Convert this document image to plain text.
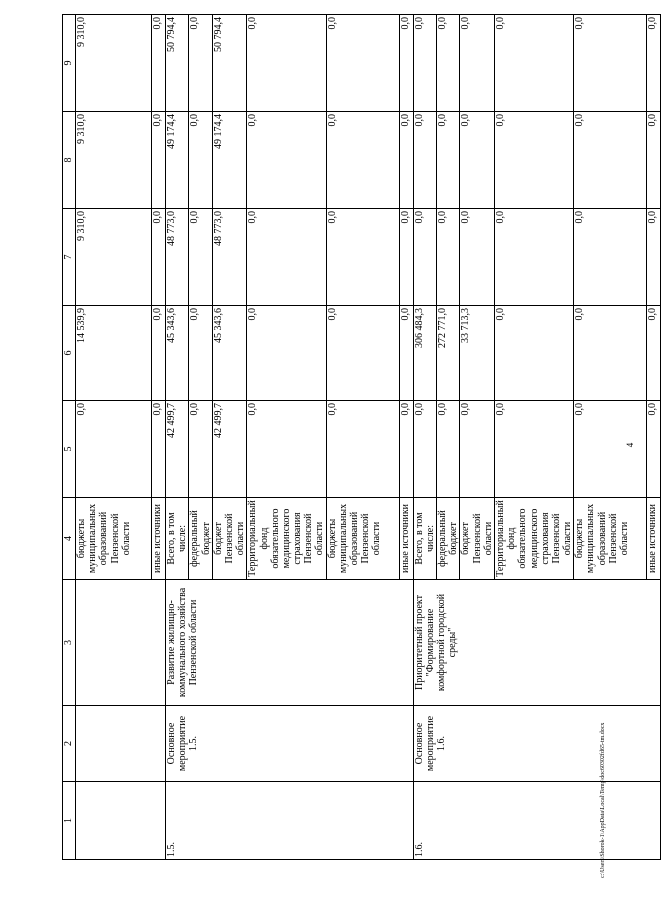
4
1	2	3	4	5	6	7	8	9
			бюджеты муниципальных образований Пензенской области	0,0	14 539,9	9 310,0	9 310,0	9 310,0
			иные источники	0,0	0,0	0,0	0,0	0,0
1.5.	Основное мероприятие 1.5.	Развитие жилищно-коммунального хозяйства Пензенской области	Всего, в том числе:	42 499,7	45 343,6	48 773,0	49 174,4	50 794,4
			федеральный бюджет	0,0	0,0	0,0	0,0	0,0
			бюджет Пензенской области	42 499,7	45 343,6	48 773,0	49 174,4	50 794,4
			Территориальный фонд обязательного медицинского страхования Пензенской области	0,0	0,0	0,0	0,0	0,0
			бюджеты муниципальных образований Пензенской области	0,0	0,0	0,0	0,0	0,0
			иные источники	0,0	0,0	0,0	0,0	0,0
1.6.	Основное мероприятие 1.6.	Приоритетный проект "Формирование комфортной городской среды"	Всего, в том числе:	0,0	306 484,3	0,0	0,0	0,0
			федеральный бюджет	0,0	272 771,0	0,0	0,0	0,0
			бюджет Пензенской области	0,0	33 713,3	0,0	0,0	0,0
			Территориальный фонд обязательного медицинского страхования Пензенской области	0,0	0,0	0,0	0,0	0,0
			бюджеты муниципальных образований Пензенской области	0,0	0,0	0,0	0,0	0,0
			иные источники	0,0	0,0	0,0	0,0	0,0
c:\Users\Shorok-1\AppData\Local\Temp\doc60302fd65-tm.docx
